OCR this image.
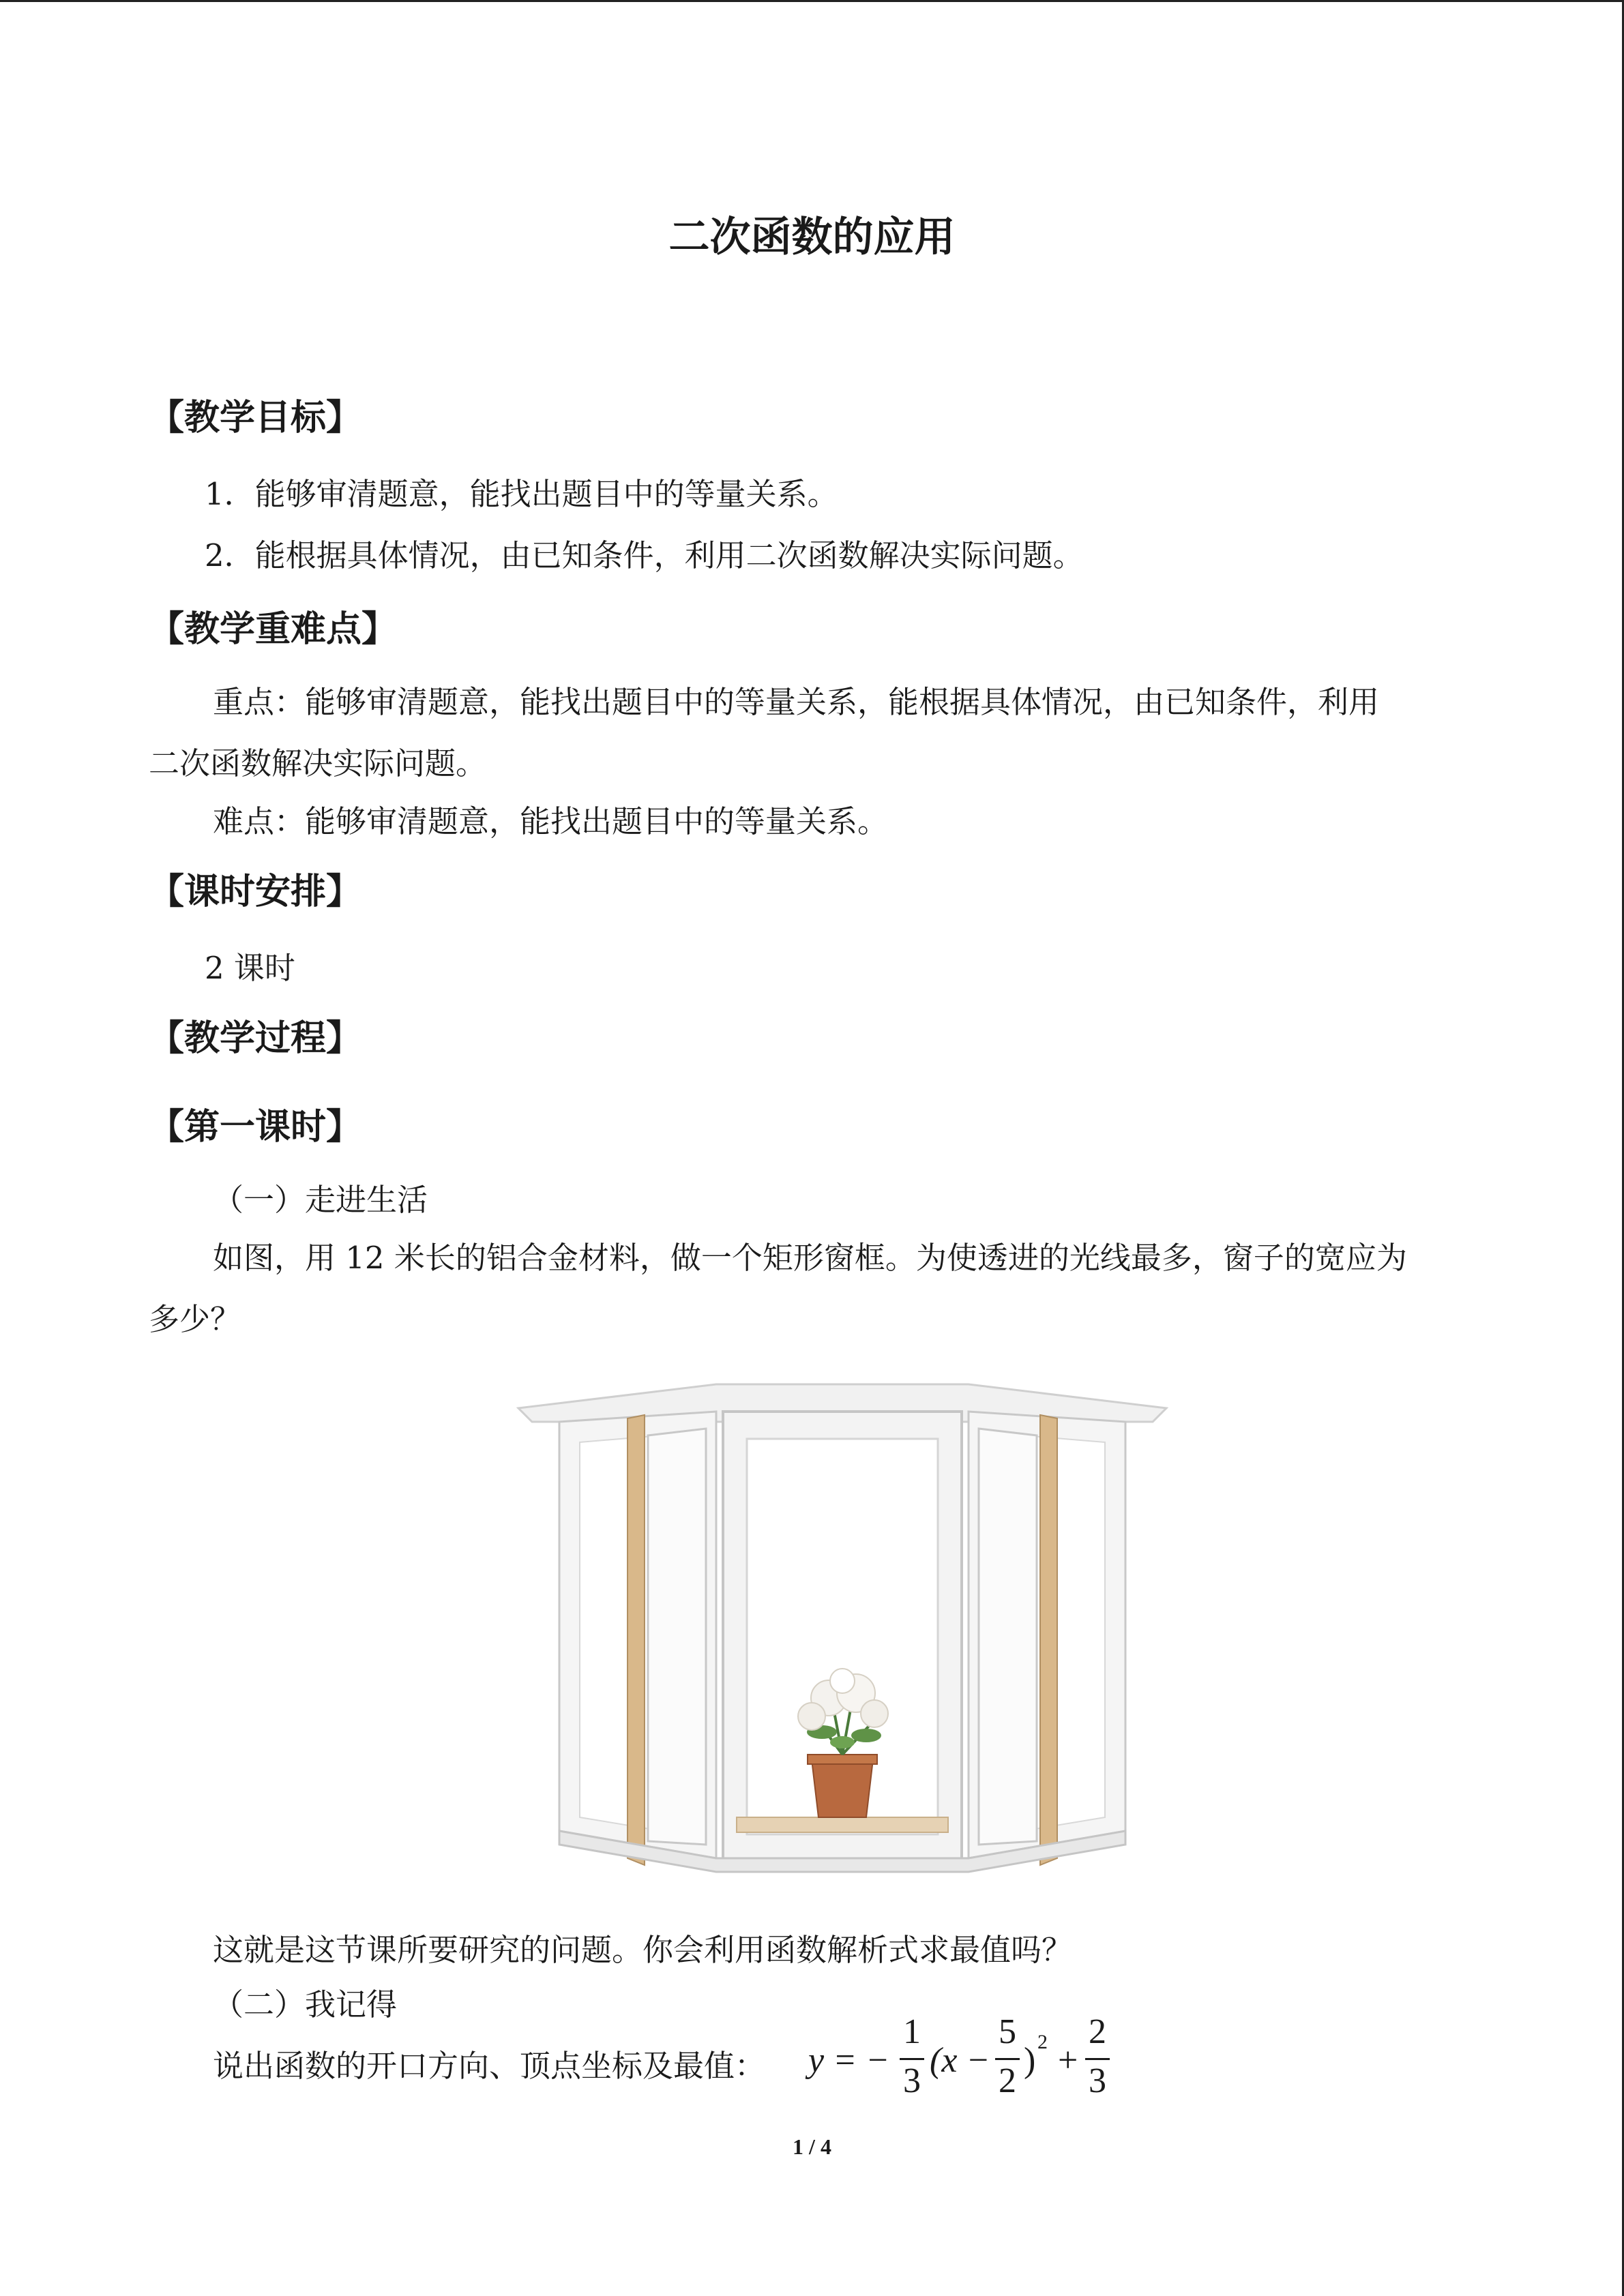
二次函数的应用
【教学目标】
1．能够审清题意，能找出题目中的等量关系。
2．能根据具体情况，由已知条件，利用二次函数解决实际问题。
【教学重难点】
重点：能够审清题意，能找出题目中的等量关系，能根据具体情况，由已知条件，利用
二次函数解决实际问题。
难点：能够审清题意，能找出题目中的等量关系。
【课时安排】
2 课时
【教学过程】
【第一课时】
（一）走进生活
如图，用 12 米长的铝合金材料，做一个矩形窗框。为使透进的光线最多，窗子的宽应为
多少？
这就是这节课所要研究的问题。你会利用函数解析式求最值吗？
（二）我记得
说出函数的开口方向、顶点坐标及最值： y = −
1
3
(x −
5
2
) 2 +
2
3
1 / 4
